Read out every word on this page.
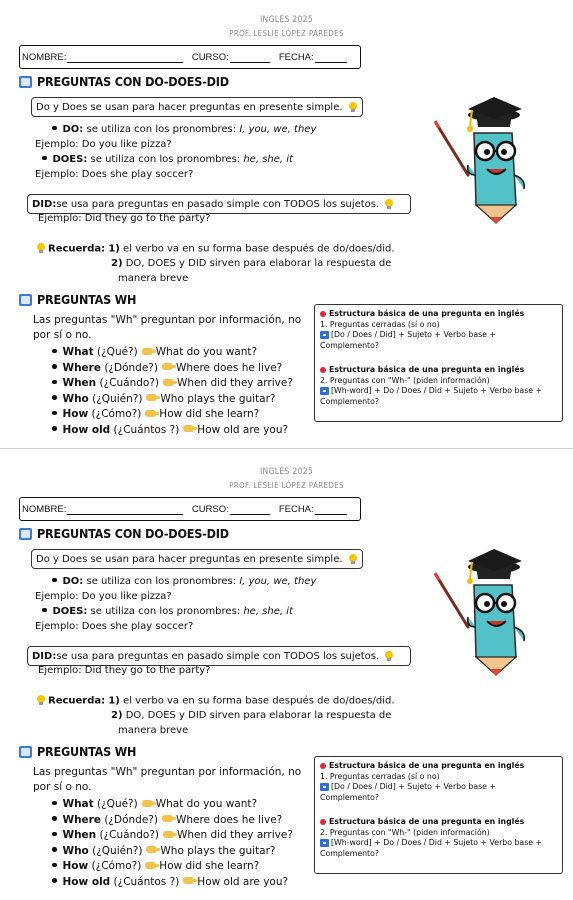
INGLÉS 2025
PROF. LESLIE LÓPEZ PAREDES
NOMBRE:	CURSO:	FECHA:
PREGUNTAS CON DO-DOES-DID
Do y Does se usan para hacer preguntas en presente simple.
DO: se utiliza con los pronombres: I, you, we, they
Ejemplo: Do you like pizza?
DOES: se utiliza con los pronombres: he, she, it
Ejemplo: Does she play soccer?
DID: se usa para preguntas en pasado simple con TODOS los sujetos.
Ejemplo: Did they go to the party?
Recuerda: 1) el verbo va en su forma base después de do/does/did.
2) DO, DOES y DID sirven para elaborar la respuesta de
manera breve
PREGUNTAS WH
Las preguntas "Wh" preguntan por información, no
por sí o no.
What (¿Qué?) What do you want?
Where (¿Dónde?) Where does he live?
When (¿Cuándo?) When did they arrive?
Who (¿Quién?) Who plays the guitar?
How (¿Cómo?) How did she learn?
How old (¿Cuántos ?) How old are you?
Estructura básica de una pregunta en inglés
1. Preguntas cerradas (sí o no)
[Do / Does / Did] + Sujeto + Verbo base + Complemento?
Estructura básica de una pregunta en inglés
2. Preguntas con "Wh-" (piden información)
[Wh-word] + Do / Does / Did + Sujeto + Verbo base + Complemento?
INGLÉS 2025
PROF. LESLIE LÓPEZ PAREDES
NOMBRE:	CURSO:	FECHA:
PREGUNTAS CON DO-DOES-DID
Do y Does se usan para hacer preguntas en presente simple.
DO: se utiliza con los pronombres: I, you, we, they
Ejemplo: Do you like pizza?
DOES: se utiliza con los pronombres: he, she, it
Ejemplo: Does she play soccer?
DID: se usa para preguntas en pasado simple con TODOS los sujetos.
Ejemplo: Did they go to the party?
Recuerda: 1) el verbo va en su forma base después de do/does/did.
2) DO, DOES y DID sirven para elaborar la respuesta de
manera breve
PREGUNTAS WH
Las preguntas "Wh" preguntan por información, no
por sí o no.
What (¿Qué?) What do you want?
Where (¿Dónde?) Where does he live?
When (¿Cuándo?) When did they arrive?
Who (¿Quién?) Who plays the guitar?
How (¿Cómo?) How did she learn?
How old (¿Cuántos ?) How old are you?
Estructura básica de una pregunta en inglés
1. Preguntas cerradas (sí o no)
[Do / Does / Did] + Sujeto + Verbo base + Complemento?
Estructura básica de una pregunta en inglés
2. Preguntas con "Wh-" (piden información)
[Wh-word] + Do / Does / Did + Sujeto + Verbo base + Complemento?
